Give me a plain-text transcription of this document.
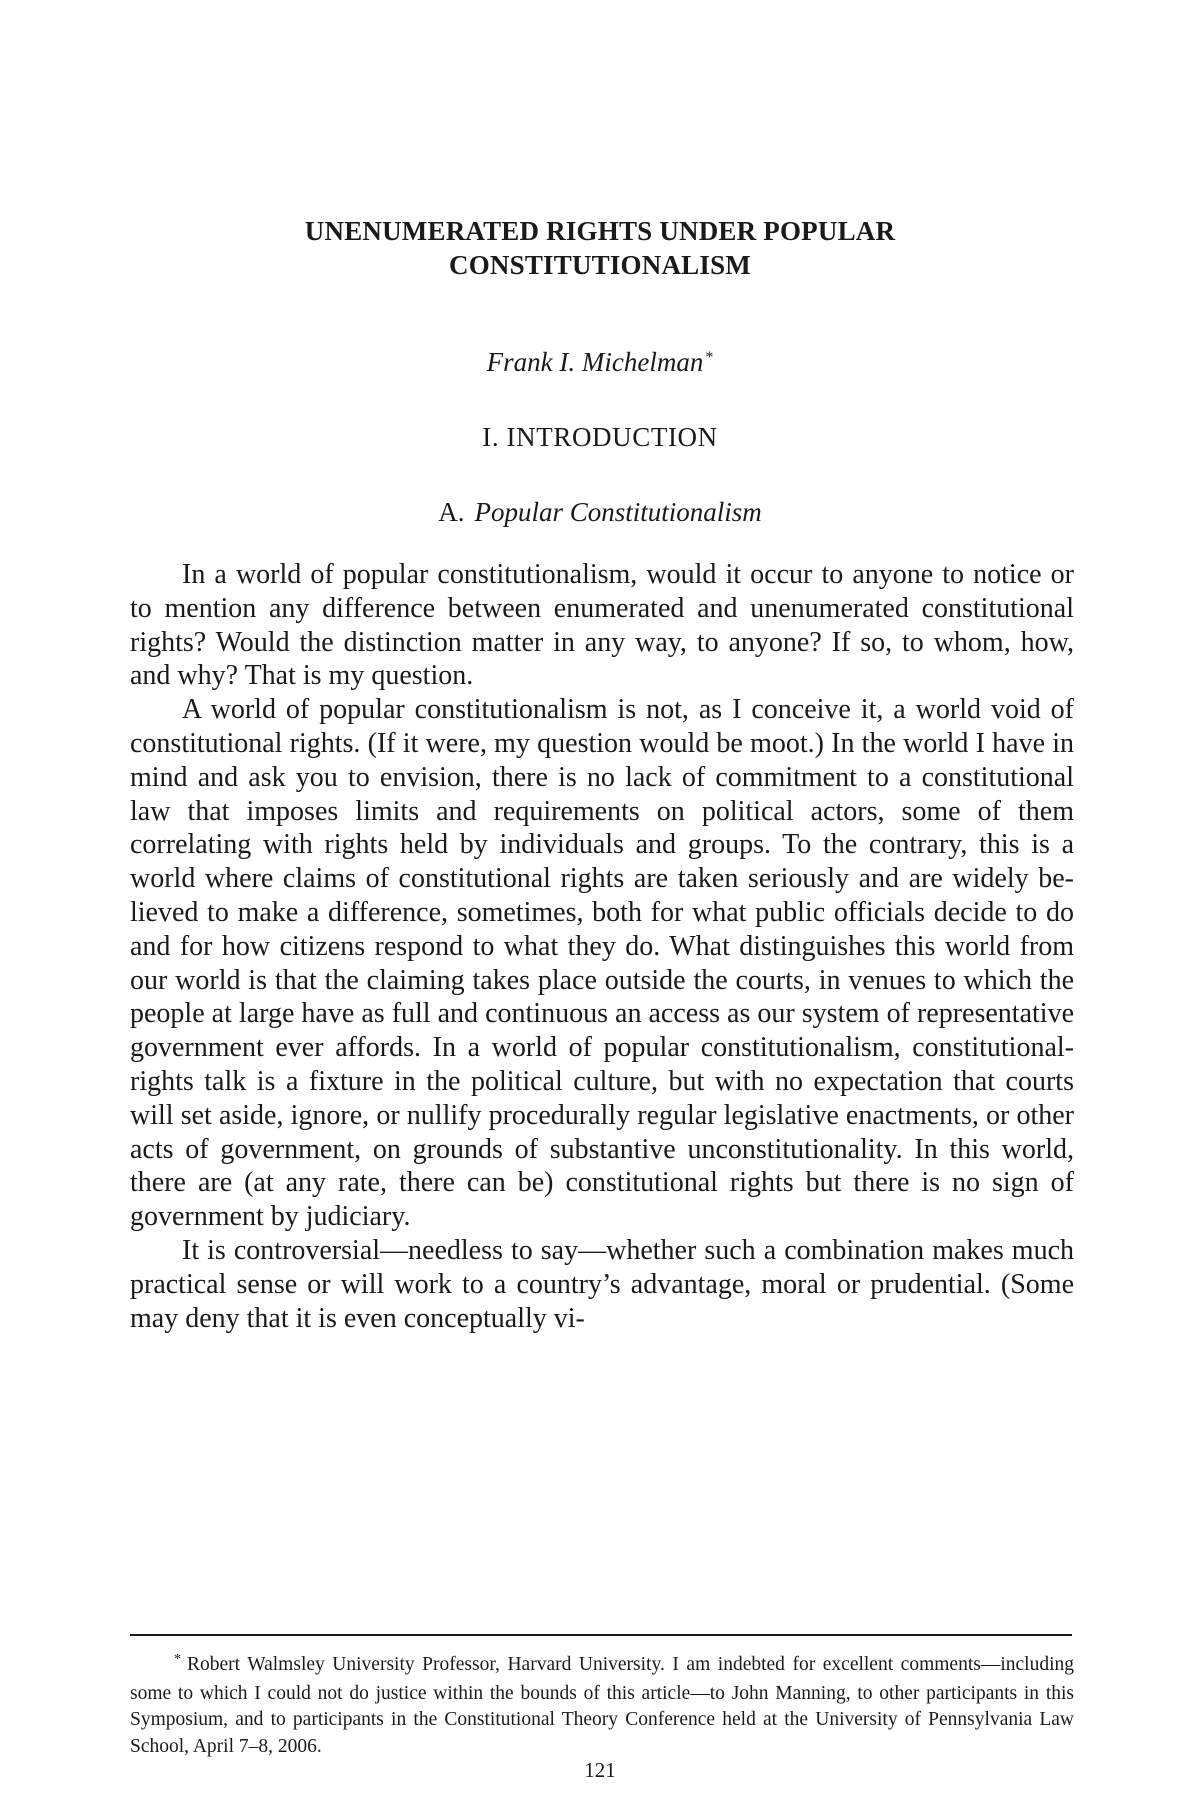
UNENUMERATED RIGHTS UNDER POPULAR
CONSTITUTIONALISM
Frank I. Michelman *
I. INTRODUCTION
A. Popular Constitutionalism

In a world of popular constitutionalism, would it occur to anyone to notice or to mention any difference between enumerated and unenumerated constitutional rights? Would the distinction matter in any way, to anyone? If so, to whom, how, and why? That is my question.

A world of popular constitutionalism is not, as I conceive it, a world void of constitutional rights. (If it were, my question would be moot.) In the world I have in mind and ask you to envision, there is no lack of commitment to a constitutional law that imposes limits and requirements on political actors, some of them correlating with rights held by individuals and groups. To the contrary, this is a world where claims of constitutional rights are taken seriously and are widely believed to make a difference, sometimes, both for what public officials decide to do and for how citizens respond to what they do. What distinguishes this world from our world is that the claiming takes place outside the courts, in venues to which the people at large have as full and continuous an access as our system of representative government ever affords. In a world of popular constitutionalism, constitutional-rights talk is a fixture in the political culture, but with no expectation that courts will set aside, ignore, or nullify procedurally regular legislative enactments, or other acts of government, on grounds of substantive unconstitutionality. In this world, there are (at any rate, there can be) constitutional rights but there is no sign of government by judiciary.

It is controversial—needless to say—whether such a combination makes much practical sense or will work to a country’s advantage, moral or prudential. (Some may deny that it is even conceptually vi-

* Robert Walmsley University Professor, Harvard University. I am indebted for excellent comments—including some to which I could not do justice within the bounds of this article—to John Manning, to other participants in this Symposium, and to participants in the Constitutional Theory Conference held at the University of Pennsylvania Law School, April 7–8, 2006.
121
